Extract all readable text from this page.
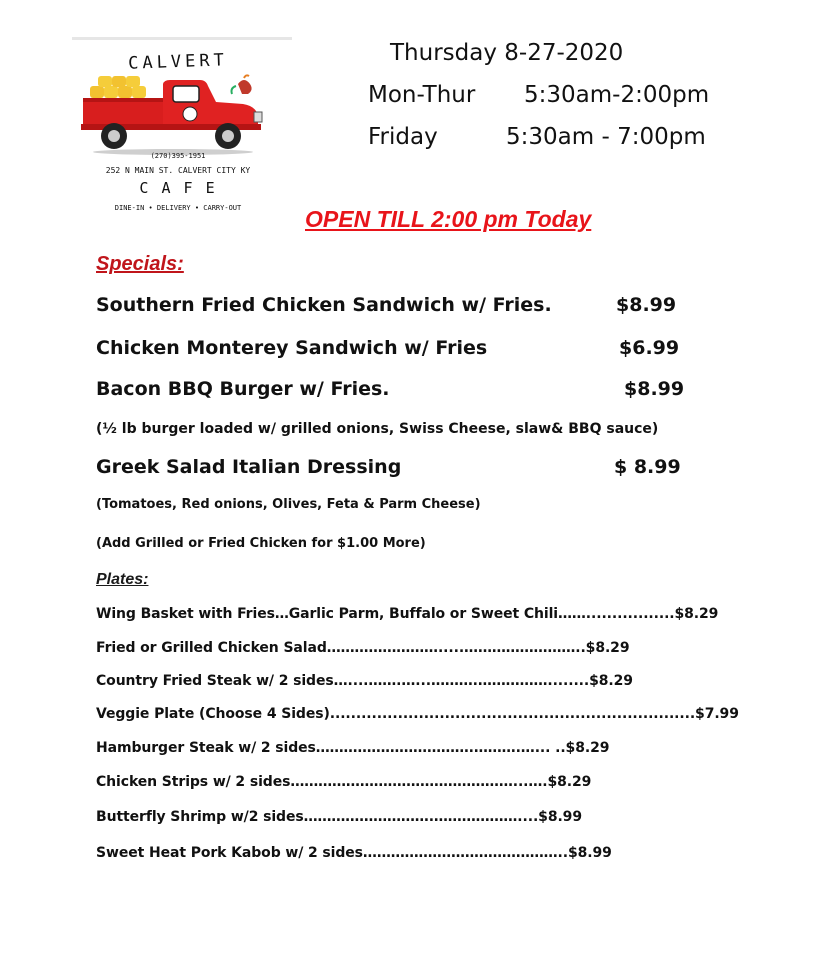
CALVERT
(270)395-1951
252 N MAIN ST. CALVERT CITY KY
C A F E
DINE-IN • DELIVERY • CARRY-OUT
Thursday 8-27-2020
Mon-Thur 5:30am-2:00pm
Friday	5:30am - 7:00pm
OPEN TILL 2:00 pm Today
Specials:
Southern Fried Chicken Sandwich w/ Fries.	$8.99
Chicken Monterey Sandwich w/ Fries	$6.99
Bacon BBQ Burger w/ Fries.	$8.99
(½ lb burger loaded w/ grilled onions, Swiss Cheese, slaw& BBQ sauce)
Greek Salad Italian Dressing	$ 8.99
(Tomatoes, Red onions, Olives, Feta & Parm Cheese)
(Add Grilled or Fried Chicken for $1.00 More)
Plates:
Wing Basket with Fries…Garlic Parm, Buffalo or Sweet Chili…….................$8.29
Fried or Grilled Chicken Salad…………………….....……………………..$8.29
Country Fried Steak w/ 2 sides…....…….…...……….……………........$8.29
Veggie Plate (Choose 4 Sides)......................................................................$7.99
Hamburger Steak w/ 2 sides…………………………….……….…... ..$8.29
Chicken Strips w/ 2 sides…………………………………………...….$8.29
Butterfly Shrimp w/2 sides……………………….………………....$8.99
Sweet Heat Pork Kabob w/ 2 sides……………………………………..$8.99
